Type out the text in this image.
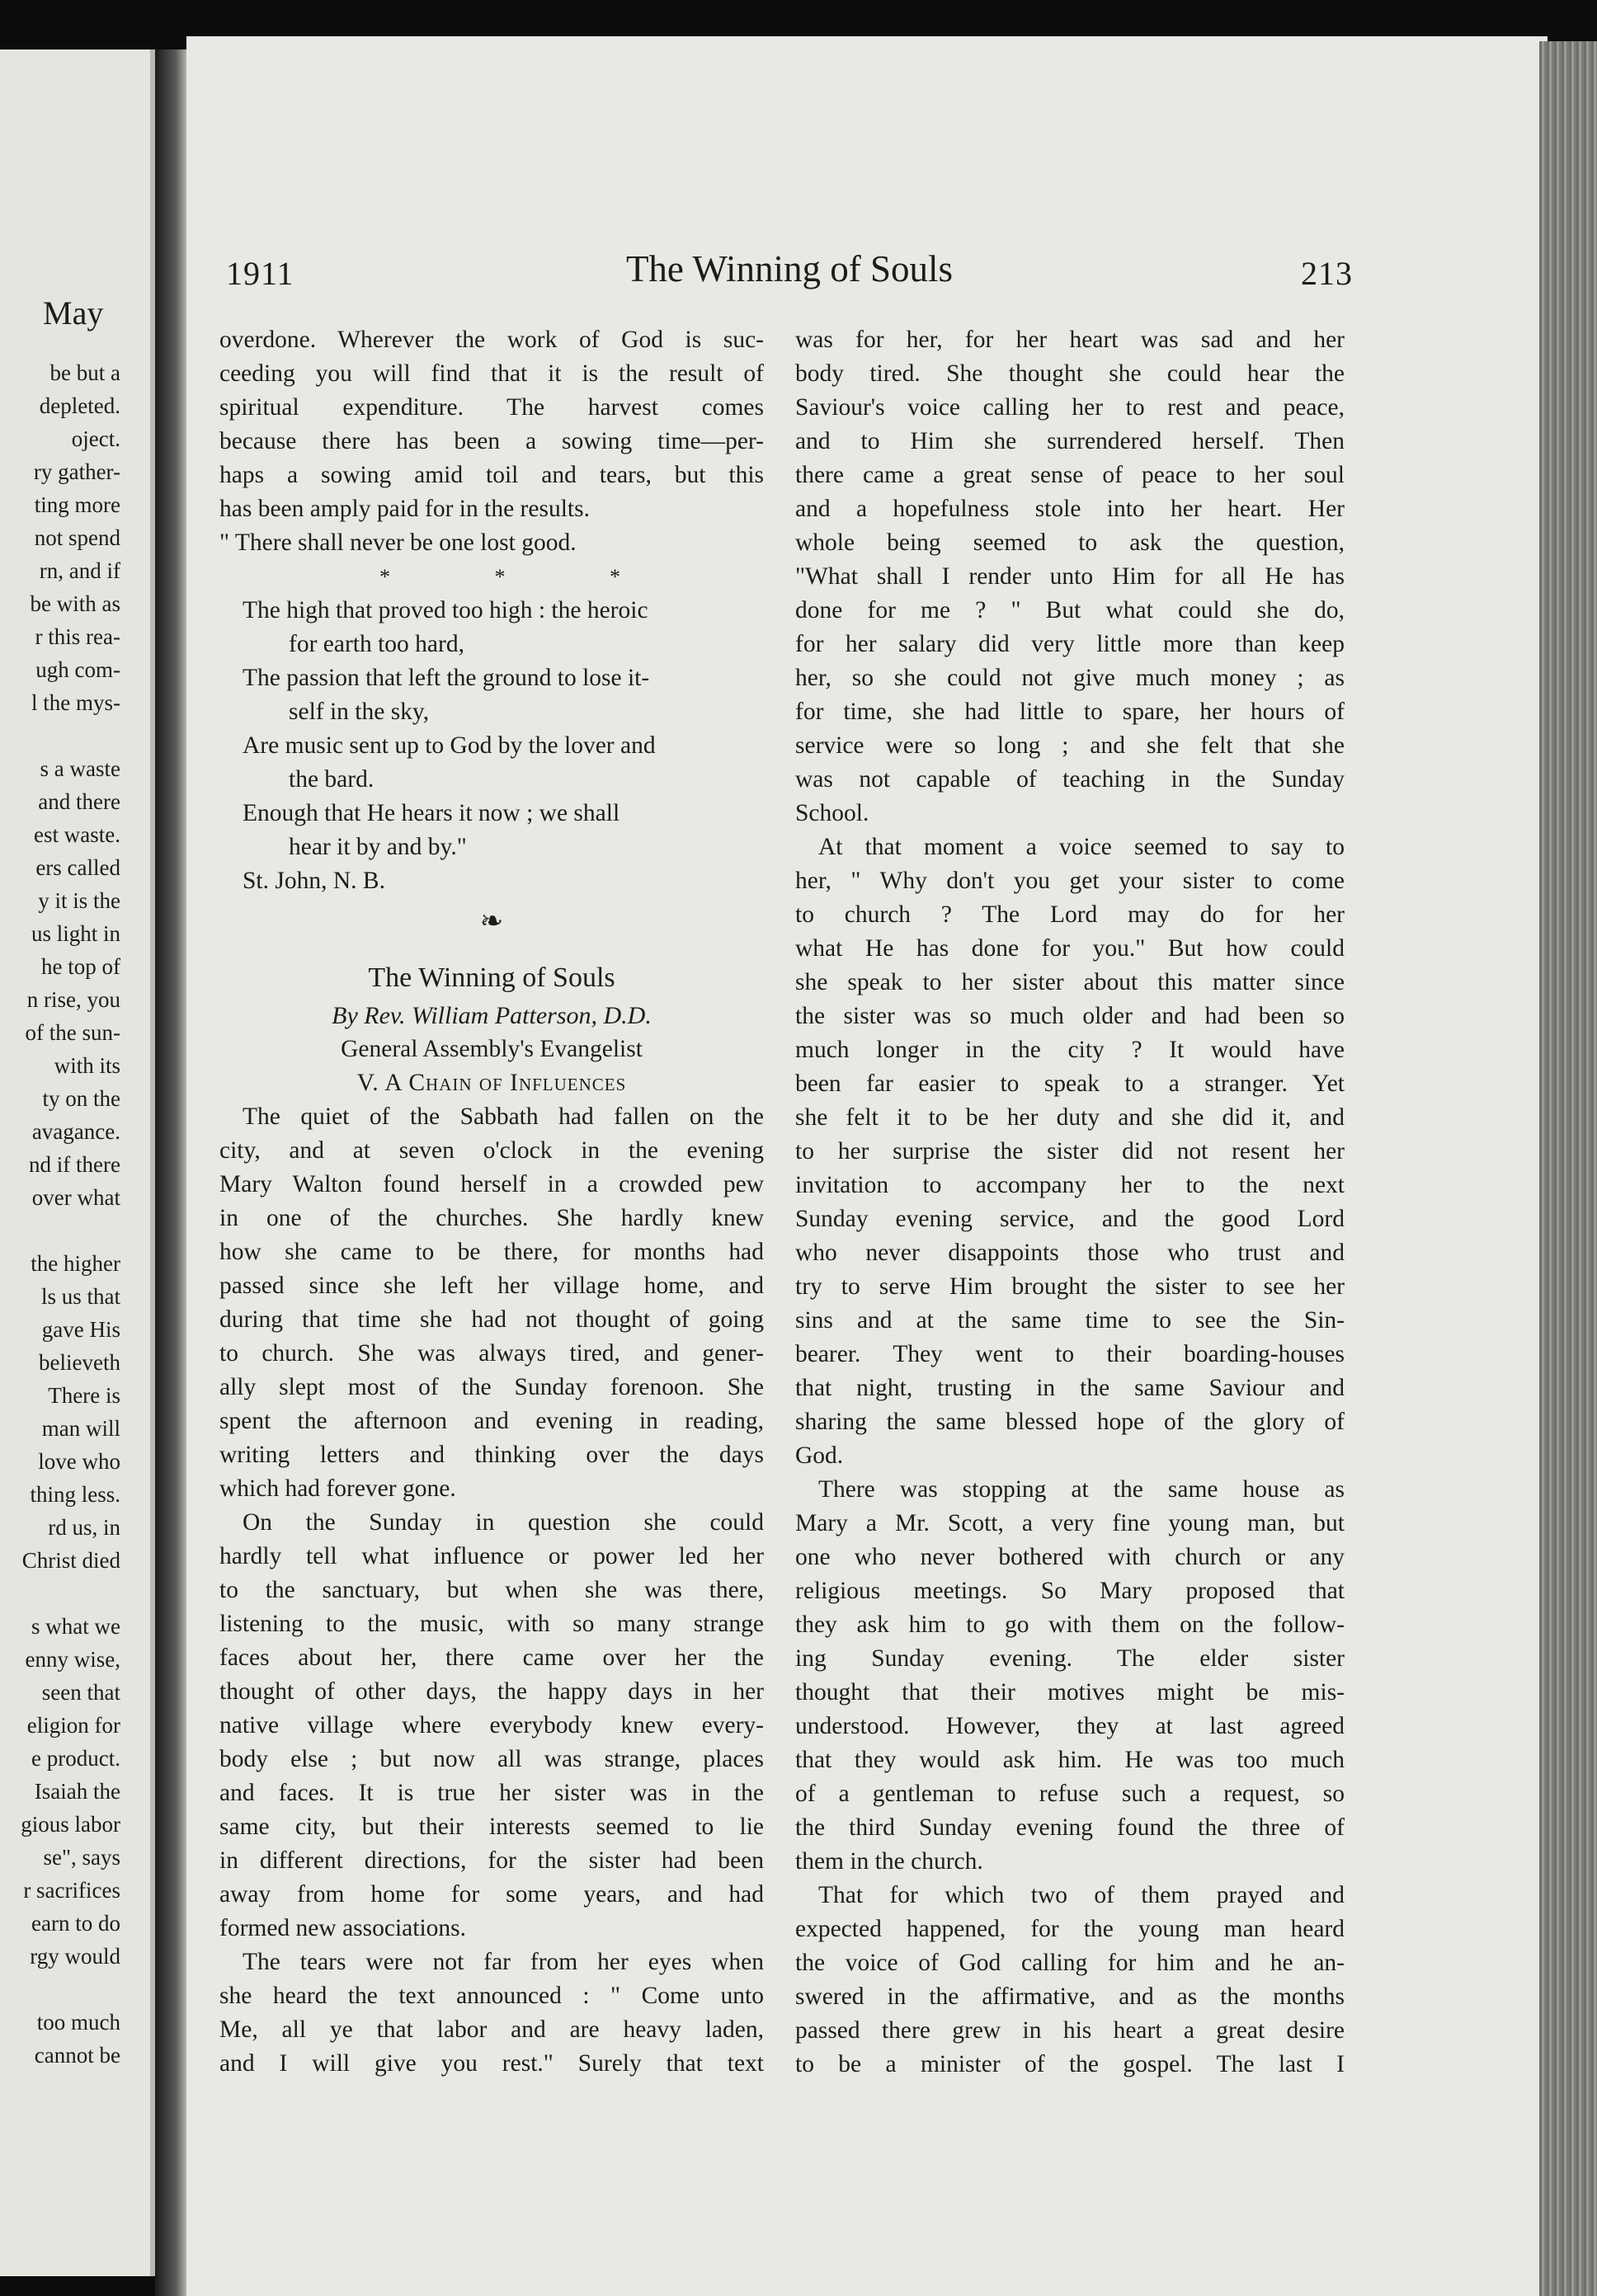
May
be but a
depleted.
oject.
ry gather-
ting more
not spend
rn, and if
be with as
r this rea-
ugh com-
l the mys-
s a waste
and there
est waste.
ers called
y it is the
us light in
he top of
n rise, you
of the sun-
with its
ty on the
avagance.
nd if there
over what
the higher
ls us that
gave His
believeth
There is
man will
love who
thing less.
rd us, in
Christ died
s what we
enny wise,
seen that
eligion for
e product.
Isaiah the
gious labor
se", says
r sacrifices
earn to do
rgy would
too much
cannot be
1911	The Winning of Souls	213
overdone. Wherever the work of God is suc-
ceeding you will find that it is the result of
spiritual expenditure. The harvest comes
because there has been a sowing time—per-
haps a sowing amid toil and tears, but this
has been amply paid for in the results.
" There shall never be one lost good.
* * *
The high that proved too high : the heroic
for earth too hard,
The passion that left the ground to lose it-
self in the sky,
Are music sent up to God by the lover and
the bard.
Enough that He hears it now ; we shall
hear it by and by."
St. John, N. B.
❧
The Winning of Souls
By Rev. William Patterson, D.D.
General Assembly's Evangelist
V. A Chain of Influences
The quiet of the Sabbath had fallen on the
city, and at seven o'clock in the evening
Mary Walton found herself in a crowded pew
in one of the churches. She hardly knew
how she came to be there, for months had
passed since she left her village home, and
during that time she had not thought of going
to church. She was always tired, and gener-
ally slept most of the Sunday forenoon. She
spent the afternoon and evening in reading,
writing letters and thinking over the days
which had forever gone.
On the Sunday in question she could
hardly tell what influence or power led her
to the sanctuary, but when she was there,
listening to the music, with so many strange
faces about her, there came over her the
thought of other days, the happy days in her
native village where everybody knew every-
body else ; but now all was strange, places
and faces. It is true her sister was in the
same city, but their interests seemed to lie
in different directions, for the sister had been
away from home for some years, and had
formed new associations.
The tears were not far from her eyes when
she heard the text announced : " Come unto
Me, all ye that labor and are heavy laden,
and I will give you rest." Surely that text
was for her, for her heart was sad and her
body tired. She thought she could hear the
Saviour's voice calling her to rest and peace,
and to Him she surrendered herself. Then
there came a great sense of peace to her soul
and a hopefulness stole into her heart. Her
whole being seemed to ask the question,
"What shall I render unto Him for all He has
done for me ? " But what could she do,
for her salary did very little more than keep
her, so she could not give much money ; as
for time, she had little to spare, her hours of
service were so long ; and she felt that she
was not capable of teaching in the Sunday
School.
At that moment a voice seemed to say to
her, " Why don't you get your sister to come
to church ? The Lord may do for her
what He has done for you." But how could
she speak to her sister about this matter since
the sister was so much older and had been so
much longer in the city ? It would have
been far easier to speak to a stranger. Yet
she felt it to be her duty and she did it, and
to her surprise the sister did not resent her
invitation to accompany her to the next
Sunday evening service, and the good Lord
who never disappoints those who trust and
try to serve Him brought the sister to see her
sins and at the same time to see the Sin-
bearer. They went to their boarding-houses
that night, trusting in the same Saviour and
sharing the same blessed hope of the glory of
God.
There was stopping at the same house as
Mary a Mr. Scott, a very fine young man, but
one who never bothered with church or any
religious meetings. So Mary proposed that
they ask him to go with them on the follow-
ing Sunday evening. The elder sister
thought that their motives might be mis-
understood. However, they at last agreed
that they would ask him. He was too much
of a gentleman to refuse such a request, so
the third Sunday evening found the three of
them in the church.
That for which two of them prayed and
expected happened, for the young man heard
the voice of God calling for him and he an-
swered in the affirmative, and as the months
passed there grew in his heart a great desire
to be a minister of the gospel. The last I
